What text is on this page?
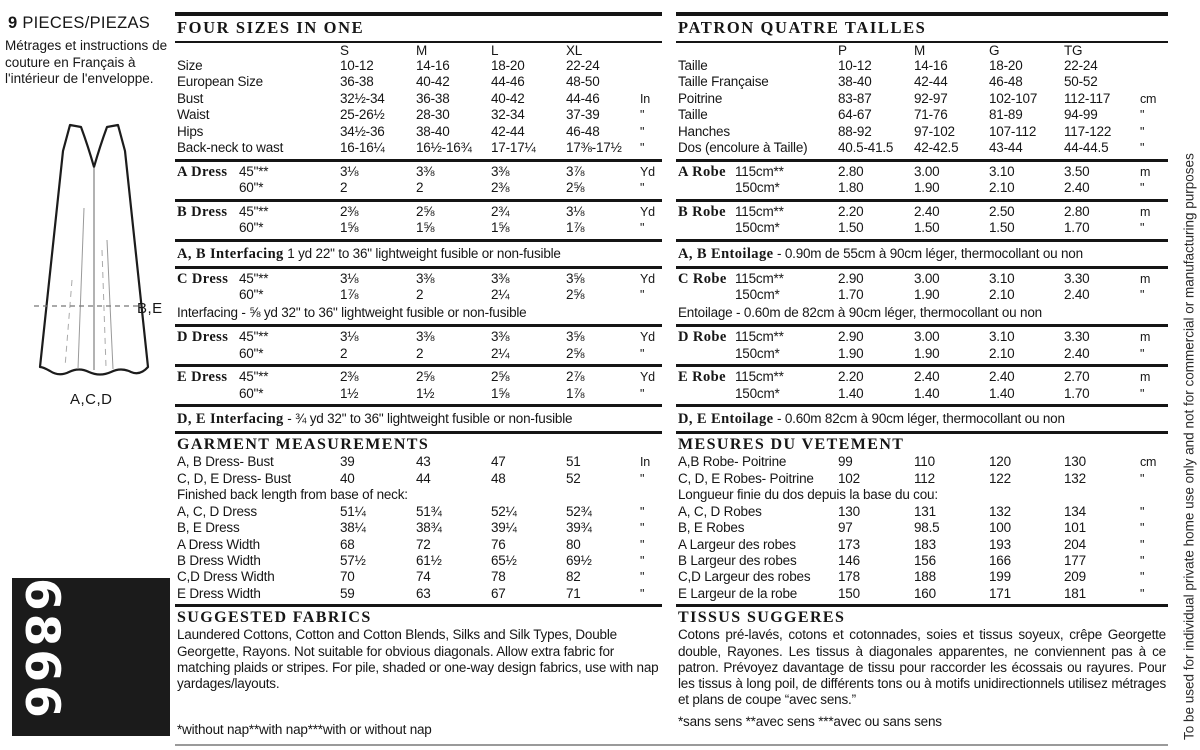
9 PIECES/PIEZAS
Métrages et instructions de couture en Français à l'intérieur de l'enveloppe.
B,E
A,C,D
6866
FOUR SIZES IN ONE
S	M	L	XL
Size	10-12	14-16	18-20	22-24
European Size	36-38	40-42	44-46	48-50
Bust	32½-34	36-38	40-42	44-46	In
Waist	25-26½	28-30	32-34	37-39	"
Hips	34½-36	38-40	42-44	46-48	"
Back-neck to wast	16-16¼	16½-16¾	17-17¼	17⅜-17½	"
A Dress 45"**	3⅛	3⅜	3⅜	3⅞	Yd
60"*	2	2	2⅜	2⅝	"
B Dress 45"**	2⅜	2⅝	2¾	3⅛	Yd
60"*	1⅝	1⅝	1⅝	1⅞	"
A, B Interfacing 1 yd 22" to 36" lightweight fusible or non-fusible
C Dress 45"**	3⅛	3⅜	3⅜	3⅝	Yd
60"*	1⅞	2	2¼	2⅝	"
Interfacing - ⅝ yd 32" to 36" lightweight fusible or non-fusible
D Dress 45"**	3⅛	3⅜	3⅜	3⅝	Yd
60"*	2	2	2¼	2⅝	"
E Dress 45"**	2⅜	2⅝	2⅝	2⅞	Yd
60"*	1½	1½	1⅝	1⅞	"
D, E Interfacing - ¾ yd 32" to 36" lightweight fusible or non-fusible
GARMENT MEASUREMENTS
A, B Dress- Bust	39	43	47	51	In
C, D, E Dress- Bust	40	44	48	52	"
Finished back length from base of neck:
A, C, D Dress	51¼	51¾	52¼	52¾	"
B, E Dress	38¼	38¾	39¼	39¾	"
A Dress Width	68	72	76	80	"
B Dress Width	57½	61½	65½	69½	"
C,D Dress Width	70	74	78	82	"
E Dress Width	59	63	67	71	"
SUGGESTED FABRICS
Laundered Cottons, Cotton and Cotton Blends, Silks and Silk Types, Double Georgette, Rayons. Not suitable for obvious diagonals. Allow extra fabric for matching plaids or stripes. For pile, shaded or one-way design fabrics, use with nap yardages/layouts.
*without nap**with nap***with or without nap
PATRON QUATRE TAILLES
P	M	G	TG
Taille	10-12	14-16	18-20	22-24
Taille Française	38-40	42-44	46-48	50-52
Poitrine	83-87	92-97	102-107	112-117	cm
Taille	64-67	71-76	81-89	94-99	"
Hanches	88-92	97-102	107-112	117-122	"
Dos (encolure à Taille)	40.5-41.5	42-42.5	43-44	44-44.5	"
A Robe 115cm**	2.80	3.00	3.10	3.50	m
150cm*	1.80	1.90	2.10	2.40	"
B Robe 115cm**	2.20	2.40	2.50	2.80	m
150cm*	1.50	1.50	1.50	1.70	"
A, B Entoilage - 0.90m de 55cm à 90cm léger, thermocollant ou non
C Robe 115cm**	2.90	3.00	3.10	3.30	m
150cm*	1.70	1.90	2.10	2.40	"
Entoilage - 0.60m de 82cm à 90cm léger, thermocollant ou non
D Robe 115cm**	2.90	3.00	3.10	3.30	m
150cm*	1.90	1.90	2.10	2.40	"
E Robe 115cm**	2.20	2.40	2.40	2.70	m
150cm*	1.40	1.40	1.40	1.70	"
D, E Entoilage - 0.60m 82cm à 90cm léger, thermocollant ou non
MESURES DU VETEMENT
A,B Robe- Poitrine	99	110	120	130	cm
C, D, E Robes- Poitrine	102	112	122	132	"
Longueur finie du dos depuis la base du cou:
A, C, D Robes	130	131	132	134	"
B, E Robes	97	98.5	100	101	"
A Largeur des robes	173	183	193	204	"
B Largeur des robes	146	156	166	177	"
C,D Largeur des robes	178	188	199	209	"
E Largeur de la robe	150	160	171	181	"
TISSUS SUGGERES
Cotons pré-lavés, cotons et cotonnades, soies et tissus soyeux, crêpe Georgette double, Rayones. Les tissus à diagonales apparentes, ne conviennent pas à ce patron. Prévoyez davantage de tissu pour raccorder les écossais ou rayures. Pour les tissus à long poil, de différents tons ou à motifs unidirectionnels utilisez métrages et plans de coupe “avec sens.”
*sans sens **avec sens ***avec ou sans sens	To be used for individual private home use only and not for commercial or manufacturing purposes
